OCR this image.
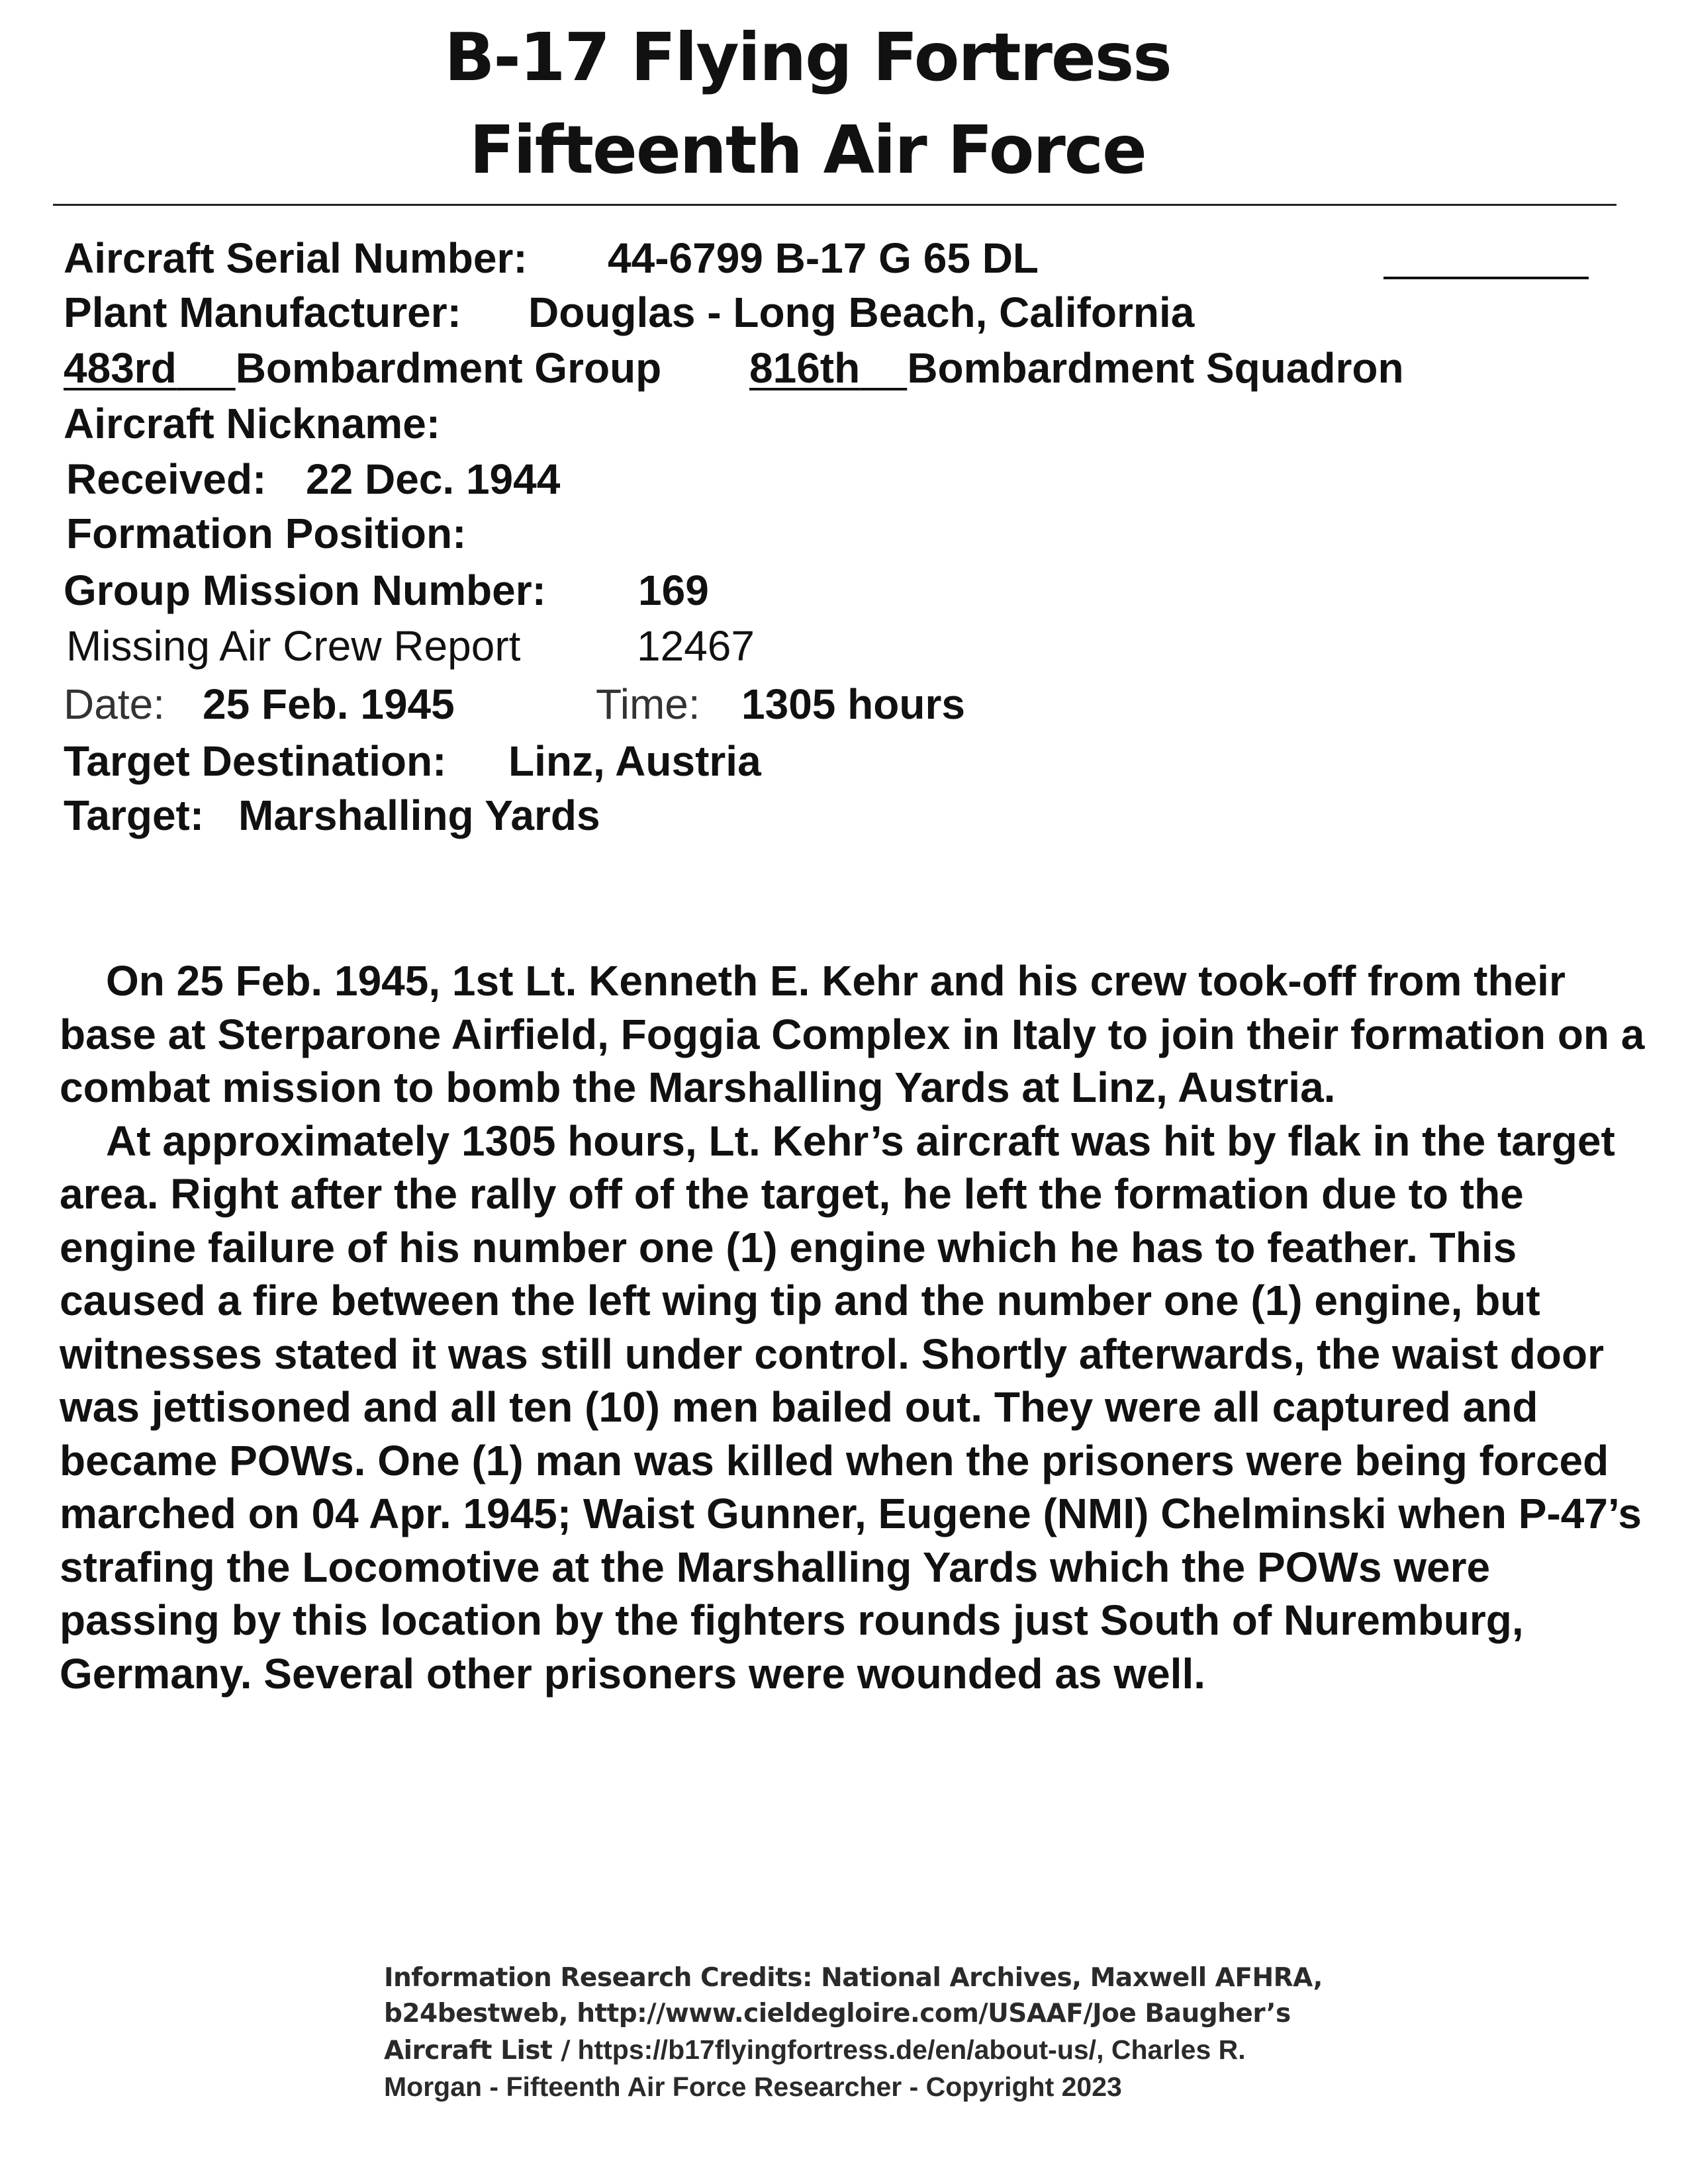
B-17 Flying Fortress
Fifteenth Air Force
Aircraft Serial Number: 44-6799 B-17 G 65 DL
Plant Manufacturer: Douglas - Long Beach, California
483rd Bombardment Group 816th Bombardment Squadron
Aircraft Nickname:
Received: 22 Dec. 1944
Formation Position:
Group Mission Number: 169
Missing Air Crew Report	12467
Date: 25 Feb. 1945	Time: 1305 hours
Target Destination: Linz, Austria
Target: Marshalling Yards

On 25 Feb. 1945, 1st Lt. Kenneth E. Kehr and his crew took-off from their base at Sterparone Airfield, Foggia Complex in Italy to join their formation on a combat mission to bomb the Marshalling Yards at Linz, Austria.

At approximately 1305 hours, Lt. Kehr’s aircraft was hit by flak in the target area. Right after the rally off of the target, he left the formation due to the engine failure of his number one (1) engine which he has to feather. This caused a fire between the left wing tip and the number one (1) engine, but witnesses stated it was still under control. Shortly afterwards, the waist door was jettisoned and all ten (10) men bailed out. They were all captured and became POWs. One (1) man was killed when the prisoners were being forced marched on 04 Apr. 1945; Waist Gunner, Eugene (NMI) Chelminski when P-47’s strafing the Locomotive at the Marshalling Yards which the POWs were passing by this location by the fighters rounds just South of Nuremburg, Germany. Several other prisoners were wounded as well.

Information Research Credits: National Archives, Maxwell AFHRA,
b24bestweb, http://www.cieldegloire.com/USAAF/Joe Baugher’s
Aircraft List / https://b17flyingfortress.de/en/about-us/, Charles R.
Morgan - Fifteenth Air Force Researcher - Copyright 2023
